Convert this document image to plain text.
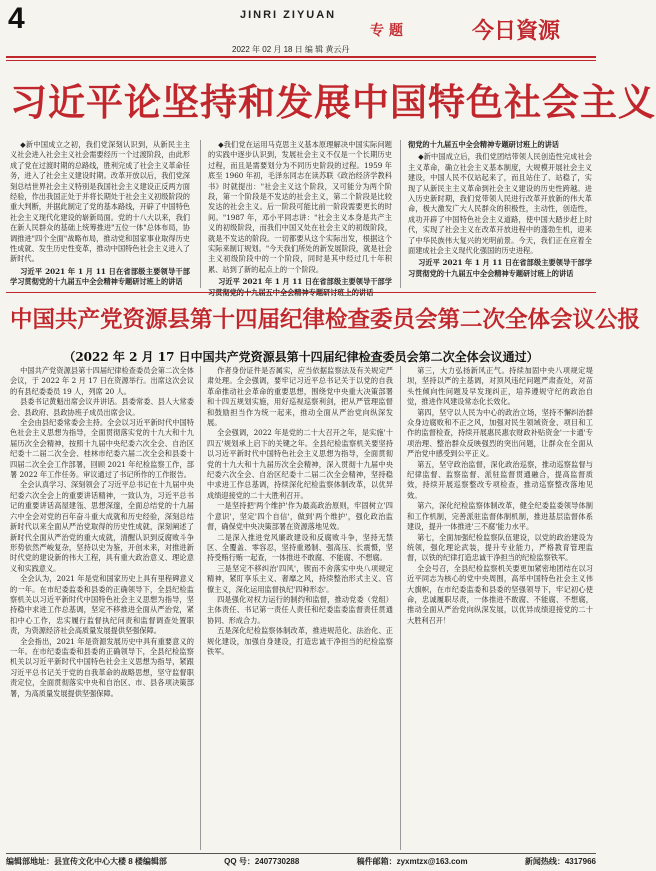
4	JINRI ZIYUAN
专题	今日資源
2022 年 02 月 18 日 编 辑 黄云丹
习近平论坚持和发展中国特色社会主义

◆新中国成立之初，我们党深刻认识到，从新民主主义社会进入社会主义社会需要经历一个过渡阶段，由此形成了党在过渡时期的总路线，胜利完成了社会主义革命任务，进入了社会主义建设时期。改革开放以后，我们党深刻总结世界社会主义特别是我国社会主义建设正反两方面经验，作出我国正处于并将长期处于社会主义初级阶段的重大判断，并据此制定了党的基本路线，开辟了中国特色社会主义现代化建设的崭新局面。党的十八大以来，我们在新人民群众的基础上统筹推进"五位一体"总体布局，协调推进"四个全面"战略布局，推动党和国家事业取得历史性成就、发生历史性变革，推动中国特色社会主义进入了新时代。

习近平 2021 年 1 月 11 日在省部级主要领导干部学习贯彻党的十九届五中全会精神专题研讨班上的讲话

◆我们党在运用马克思主义基本原理解决中国实际问题的实践中逐步认识到，发展社会主义不仅是一个长期历史过程，而且是需要划分为不同历史阶段的过程。1959 年底至 1960 年初，毛泽东同志在读苏联《政治经济学教科书》时就提出："社会主义这个阶段，又可能分为两个阶段，第一个阶段是不发达的社会主义，第二个阶段是比较发达的社会主义。后一阶段可能比前一阶段需要更长的时间。"1987 年，邓小平同志讲："社会主义本身是共产主义的初级阶段，而我们中国又处在社会主义的初级阶段，就是不发达的阶段。一切都要从这个实际出发，根据这个实际来制订规划。"今天我们所处的新发展阶段，就是社会主义初级阶段中的一个阶段，同时是其中经过几十年积累、站到了新的起点上的一个阶段。

习近平 2021 年 1 月 11 日在省部级主要领导干部学
彻党的十九届五中全会精神专题研讨班上的讲话

◆新中国成立后，我们党团结带领人民创造性完成社会主义革命，确立社会主义基本制度，大规模开展社会主义建设，中国人民不仅站起来了，而且站住了、站稳了，实现了从新民主主义革命到社会主义建设的历史性跨越。进入历史新时期，我们党带领人民进行改革开放新的伟大革命，极大激发广大人民群众的积极性，主动性，创造性，成功开辟了中国特色社会主义道路，使中国大踏步赶上时代，实现了社会主义在改革开放进程中的蓬勃生机，迎来了中华民族伟大复兴的光明前景。今天，我们正在应着全面建成社会主义现代化强国的历史进程。

习近平 2021 年 1 月 11 日在省部级主要领导干部学习贯彻党的十九届五中全会精神专题研讨班上的讲话
中国共产党资源县第十四届纪律检查委员会第二次全体会议公报
（2022 年 2 月 17 日中国共产党资源县第十四届纪律检查委员会第二次全体会议通过）

中国共产党资源县第十四届纪律检查委员会第二次全体会议，于 2022 年 2 月 17 日在资源举行。出席这次会议的有县纪委委员 19 人，列席 20 人。

县委书记黄魁出席会议并讲话。县委常委、县人大常委会、县政府、县政协班子成员出席会议。

全会由县纪委常委会主持。全会以习近平新时代中国特色社会主义思想为指导，全面贯彻落实党的十九大和十九届历次全会精神，按照十九届中央纪委六次全会、自治区纪委十二届二次全会、桂林市纪委六届二次全会和县委十四届二次全会工作部署，回顾 2021 年纪检监察工作，部署 2022 年工作任务。审议通过了书记所作的工作报告。

全会认真学习、深刻领会了习近平总书记在十九届中央纪委六次全会上的重要讲话精神，一致认为，习近平总书记的重要讲话高屋建瓴、思想深邃，全面总结党的十九届六中全会对党的百年奋斗重大成就和历史经验，深刻总结新时代以来全面从严治党取得的历史性成就，深刻阐述了新时代全面从严治党的重大成就，清醒认识到反腐败斗争形势依然严峻复杂，坚持以史为鉴，开创未来，对推进新时代党的建设新的伟大工程，具有重大政治意义、理论意义和实践意义。

全会认为，2021 年是党和国家历史上具有里程碑意义的一年。在市纪委监委和县委的正确领导下，全县纪检监察机关以习近平新时代中国特色社会主义思想为指导，坚持稳中求进工作总基调，坚定不移推进全面从严治党，紧扣中心工作，忠实履行监督执纪问责和监督调查处置职责，为资源经济社会高质量发展提供坚强保障。

全会指出，2021 年是资源发展历史中具有重要意义的一年。在市纪委监委和县委的正确领导下，全县纪检监察机关以习近平新时代中国特色社会主义思想为指导，紧跟习近平总书记关于党的自我革命的战略思想，坚守监督职责定位，全面贯彻落实中央和自治区、市、县各项决策部署，为高质量发展提供坚强保障。

作者身份证件是否属实，应当依据监察法及有关规定严肃处理。全会强调，要牢记习近平总书记关于以党的自我革命推动社会革命的重要思想，围绕党中央重大决策部署和十四五规划实施，用好巡视巡察利剑，把从严管理监督和鼓励担当作为统一起来，推动全面从严治党向纵深发展。

全会强调，2022 年是党的二十大召开之年，是实施'十四五'规划承上启下的关键之年。全县纪检监察机关要坚持以习近平新时代中国特色社会主义思想为指导，全面贯彻党的十九大和十九届历次全会精神，深入贯彻十九届中央纪委六次全会、自治区纪委十二届二次全会精神，坚持稳中求进工作总基调，持续深化纪检监察体制改革，以优异成绩迎接党的二十大胜利召开。

一是坚持把'两个维护'作为最高政治原则，牢固树立'四个意识'，坚定'四个自信'，做到'两个维护'，强化政治监督，确保党中央决策部署在资源落地见效。

二是深入推进党风廉政建设和反腐败斗争，坚持无禁区、全覆盖、零容忍，坚持重遏制、强高压、长震慑，坚持受贿行贿一起查，一体推进不敢腐、不能腐、不想腐。

三是坚定不移纠治'四风'，锲而不舍落实中央八项规定精神，紧盯享乐主义、奢靡之风，持续整治形式主义、官僚主义，深化运用监督执纪'四种形态'。

四是强化对权力运行的制约和监督，推动党委（党组）主体责任、书记第一责任人责任和纪委监委监督责任贯通协同、形成合力。

五是深化纪检监察体制改革，推进规范化、法治化、正规化建设，加强自身建设，打造忠诚干净担当的纪检监察铁军。

第三，大力弘扬新风正气。持续加固中央八项规定堤坝，坚持以严的主基调，对顶风违纪问题严肃查处，对苗头性倾向性问题及早发现纠正，培养遵规守纪的政治自觉，推进作风建设常态化长效化。

第四，坚守以人民为中心的政治立场，坚持不懈纠治群众身边腐败和不正之风，加强对民生领域资金、项目和工作的监督检查，持续开展惠民惠农财政补贴资金'一卡通'专项治理、整治群众反映强烈的突出问题，让群众在全面从严治党中感受到公平正义。

第五，坚守政治监督，深化政治巡察，推动巡察监督与纪律监督、监察监督、派驻监督贯通融合，提高监督质效，持续开展巡察整改专项检查，推动巡察整改落地见效。

第六，深化纪检监察体制改革，健全纪委监委领导体制和工作机制，完善派驻监督体制机制，推进基层监督体系建设，提升一体推进'三不腐'能力水平。

第七，全面加强纪检监察队伍建设，以党的政治建设为统领，强化理论武装，提升专业能力，严格教育管理监督，以铁的纪律打造忠诚干净担当的纪检监察铁军。

全会号召，全县纪检监察机关要更加紧密地团结在以习近平同志为核心的党中央周围，高举中国特色社会主义伟大旗帜，在市纪委监委和县委的坚强领导下，牢记初心使命，忠诚履职尽责，一体推进不敢腐、不能腐、不想腐，推动全面从严治党向纵深发展，以优异成绩迎接党的二十大胜利召开！

编辑部地址：县宣传文化中心大楼 8 楼编辑部	QQ 号：2407730288	稿件邮箱：zyxmtzx@163.com	新闻热线：4317966
